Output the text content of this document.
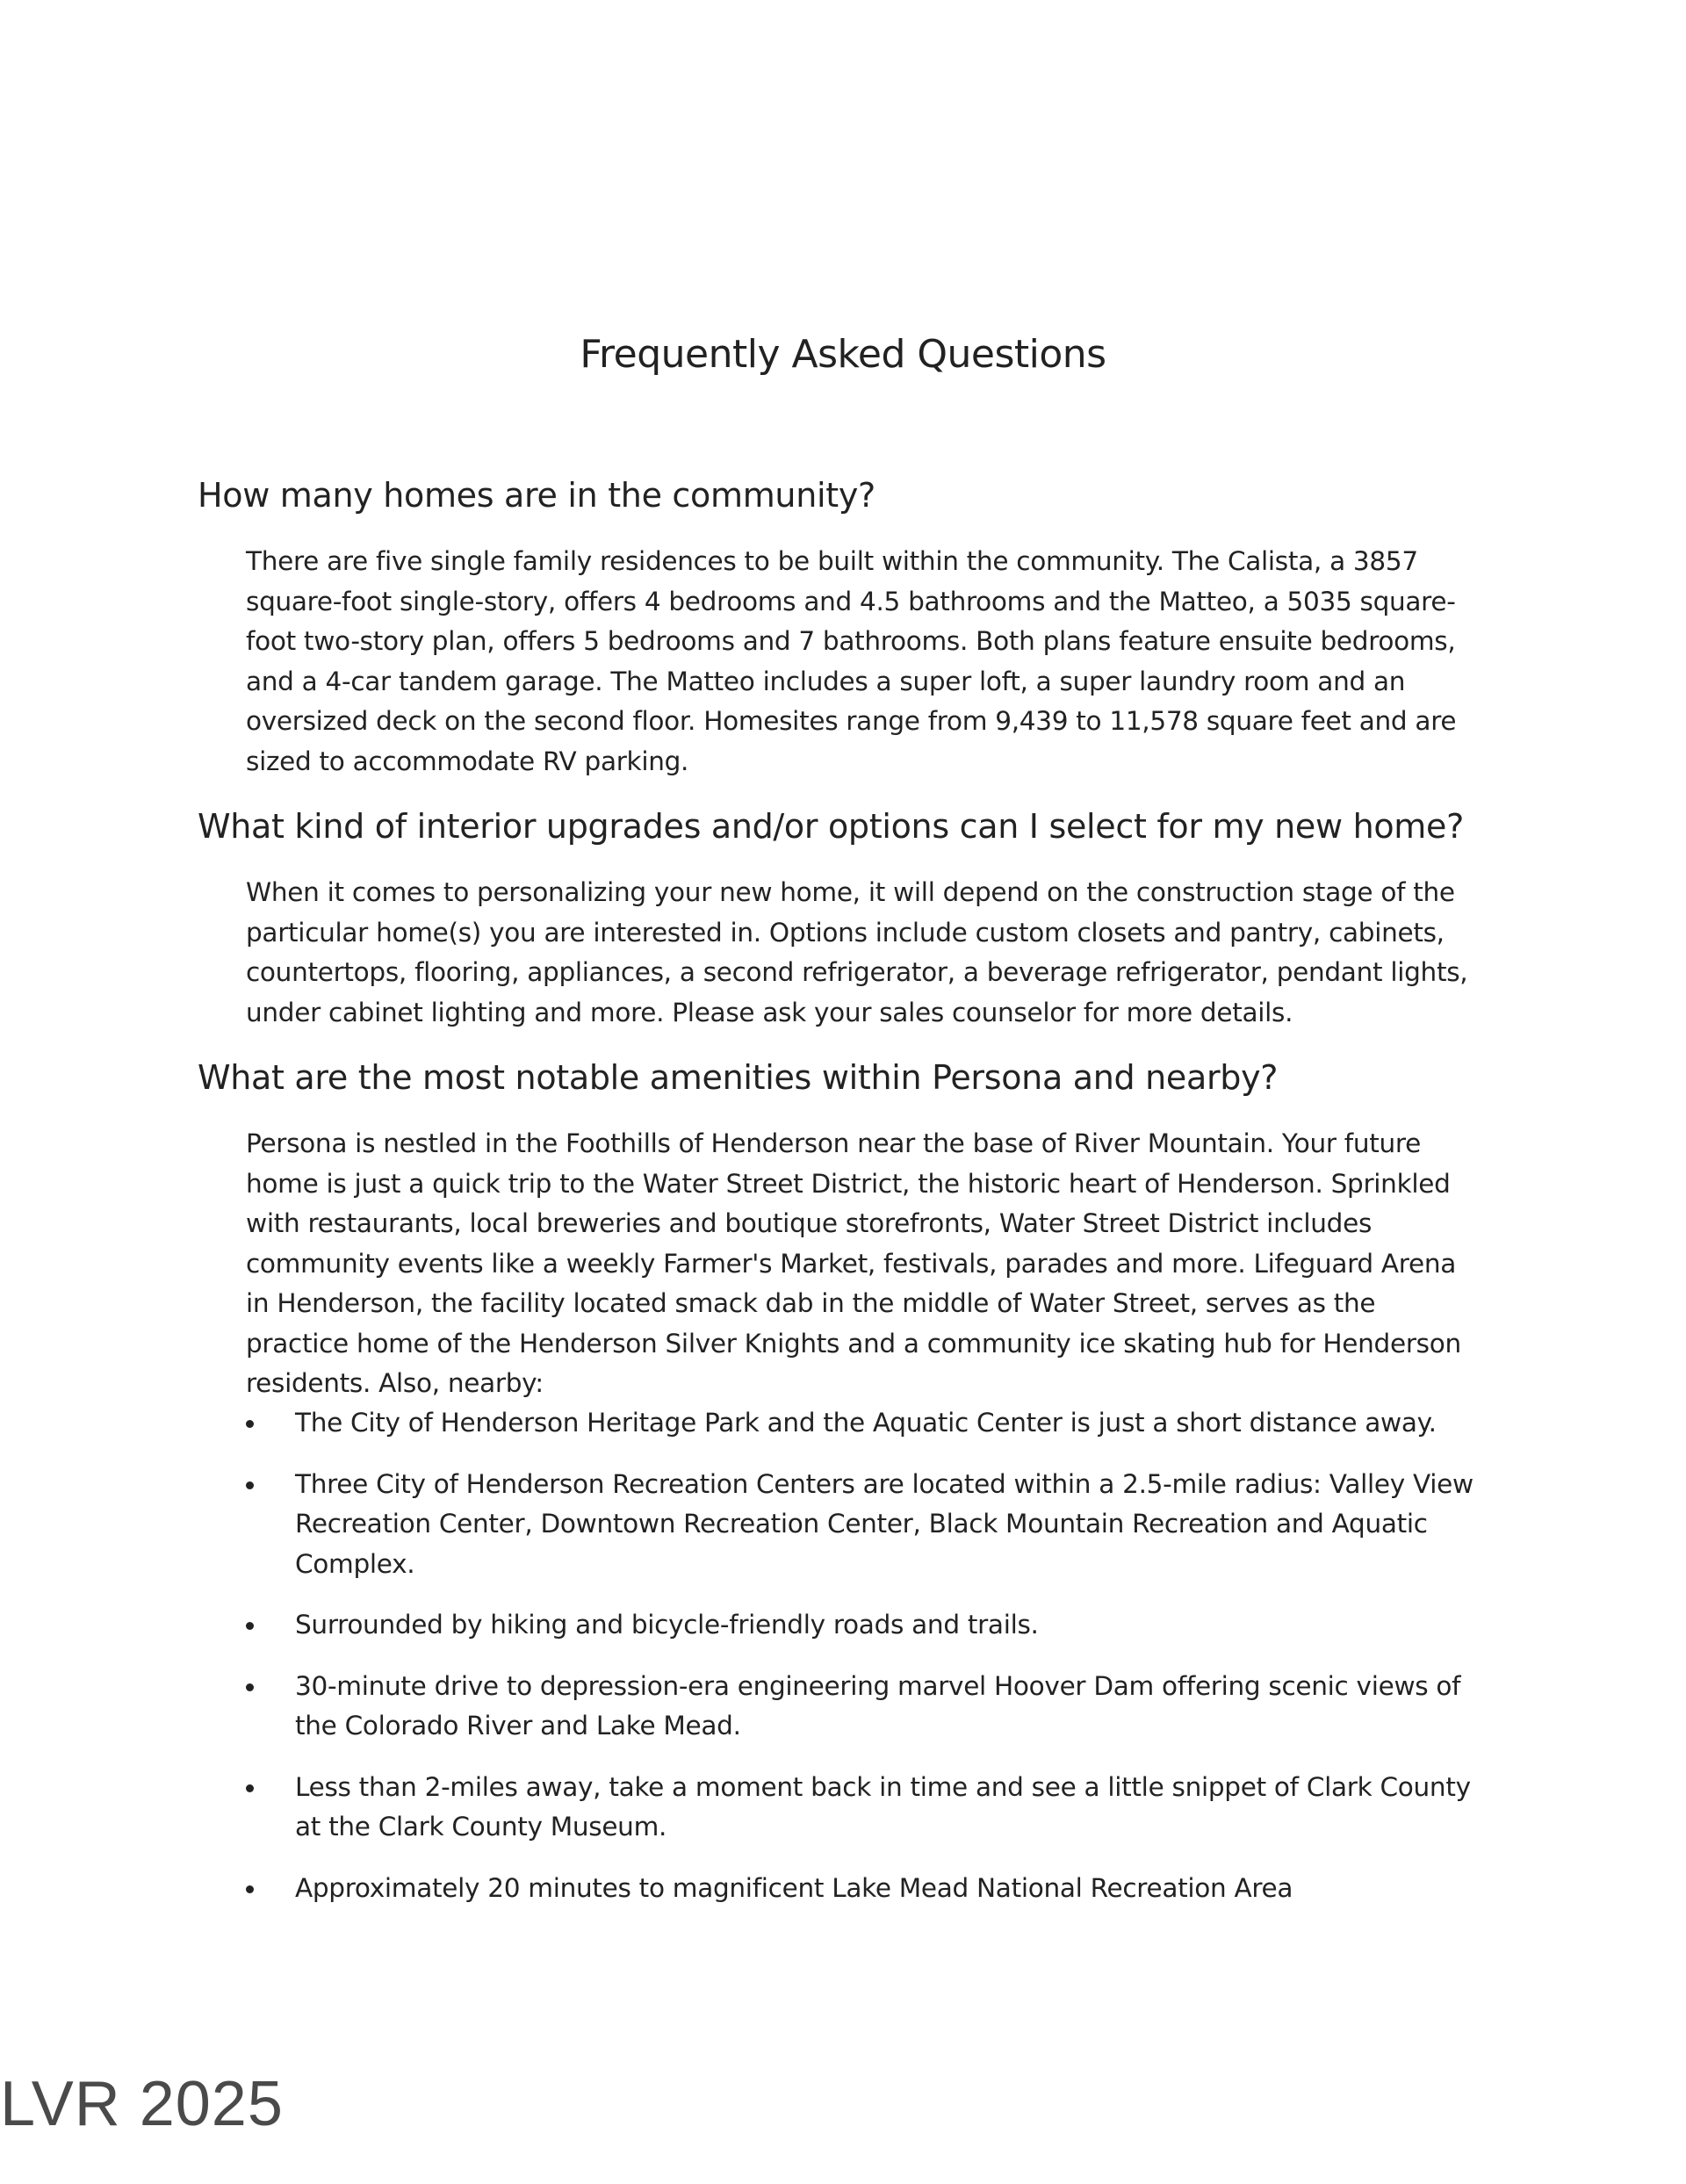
Frequently Asked Questions
How many homes are in the community?

There are five single family residences to be built within the community. The Calista, a 3857 square-foot single-story, offers 4 bedrooms and 4.5 bathrooms and the Matteo, a 5035 square-foot two-story plan, offers 5 bedrooms and 7 bathrooms. Both plans feature ensuite bedrooms, and a 4-car tandem garage. The Matteo includes a super loft, a super laundry room and an oversized deck on the second floor. Homesites range from 9,439 to 11,578 square feet and are sized to accommodate RV parking.

What kind of interior upgrades and/or options can I select for my new home?

When it comes to personalizing your new home, it will depend on the construction stage of the particular home(s) you are interested in. Options include custom closets and pantry, cabinets, countertops, flooring, appliances, a second refrigerator, a beverage refrigerator, pendant lights, under cabinet lighting and more. Please ask your sales counselor for more details.

What are the most notable amenities within Persona and nearby?

Persona is nestled in the Foothills of Henderson near the base of River Mountain. Your future home is just a quick trip to the Water Street District, the historic heart of Henderson. Sprinkled with restaurants, local breweries and boutique storefronts, Water Street District includes community events like a weekly Farmer's Market, festivals, parades and more. Lifeguard Arena in Henderson, the facility located smack dab in the middle of Water Street, serves as the practice home of the Henderson Silver Knights and a community ice skating hub for Henderson residents. Also, nearby:

The City of Henderson Heritage Park and the Aquatic Center is just a short distance away.
Three City of Henderson Recreation Centers are located within a 2.5-mile radius: Valley View Recreation Center, Downtown Recreation Center, Black Mountain Recreation and Aquatic Complex.
Surrounded by hiking and bicycle-friendly roads and trails.
30-minute drive to depression-era engineering marvel Hoover Dam offering scenic views of the Colorado River and Lake Mead.
Less than 2-miles away, take a moment back in time and see a little snippet of Clark County at the Clark County Museum.
Approximately 20 minutes to magnificent Lake Mead National Recreation Area
LVR 2025
